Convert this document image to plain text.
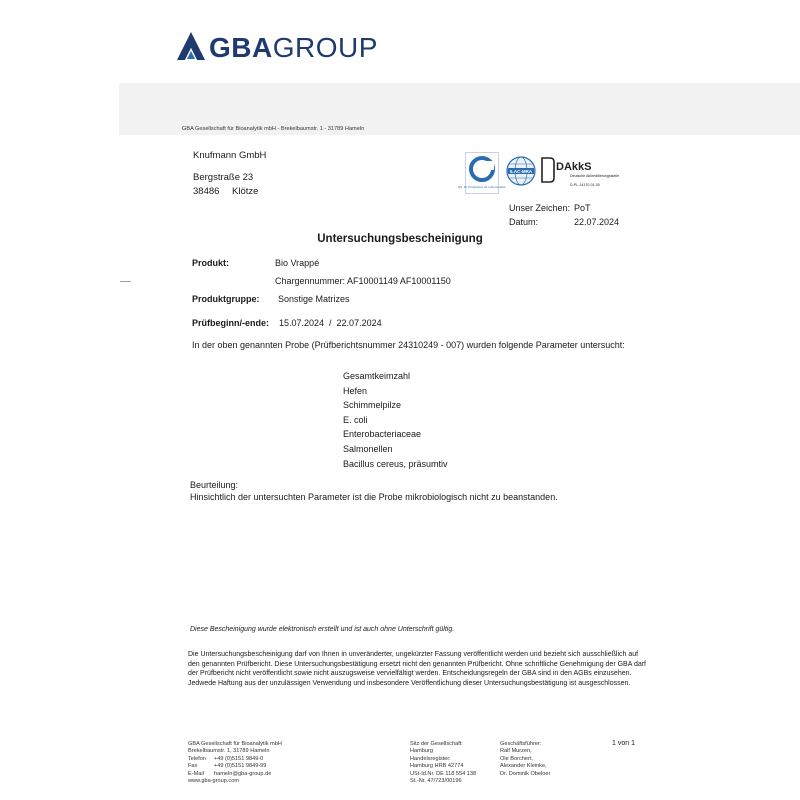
GBAGROUP
GBA Gesellschaft für Bioanalytik mbH - Brekelbaumstr. 1 - 31789 Hameln
Knufmann GmbH
Bergstraße 23
38486 Klötze	QS. Ihr Prüfsystem für Lebensmittel.
ILAC-MRA DAkkS
Deutsche Akkreditierungsstelle
D-PL-14170-01-00
Unser Zeichen: PoT
Datum:	22.07.2024
Untersuchungsbescheinigung
Produkt:	Bio Vrappé
Chargennummer: AF10001149 AF10001150
Produktgruppe: Sonstige Matrizes
Prüfbeginn/-ende: 15.07.2024  /  22.07.2024
In der oben genannten Probe (Prüfberichtsnummer 24310249 - 007) wurden folgende Parameter untersucht:
Gesamtkeimzahl
Hefen
Schimmelpilze
E. coli
Enterobacteriaceae
Salmonellen
Bacillus cereus, präsumtiv
Beurteilung:
Hinsichtlich der untersuchten Parameter ist die Probe mikrobiologisch nicht zu beanstanden.
Diese Bescheinigung wurde elektronisch erstellt und ist auch ohne Unterschrift gültig.

Die Untersuchungsbescheinigung darf von Ihnen in unveränderter, ungekürzter Fassung veröffentlicht werden und bezieht sich ausschließlich auf den genannten Prüfbericht. Diese Untersuchungsbestätigung ersetzt nicht den genannten Prüfbericht. Ohne schriftliche Genehmigung der GBA darf der Prüfbericht nicht veröffentlicht sowie nicht auszugsweise vervielfältigt werden. Entscheidungsregeln der GBA sind in den AGBs einzusehen. Jedwede Haftung aus der unzulässigen Verwendung und insbesondere Veröffentlichung dieser Untersuchungsbestätigung ist ausgeschlossen.

GBA Gesellschaft für Bioanalytik mbH

Brekelbaumstr. 1, 31789 Hameln

Telefon +49 (0)5151 9849-0

Fax	+49 (0)5151 9849-99

E-Mail hameln@gba-group.de

www.gba-group.com

Sitz der Gesellschaft:

Hamburg

Handelsregister:

Hamburg HRB 42774

USt-Id.Nr. DE 118 554 138

St.-Nr. 47/723/00196

Geschäftsführer:

Ralf Murzen,

Ole Borchert,

Alexander Kleinke,

Dr. Dominik Obeloer

1 von 1
